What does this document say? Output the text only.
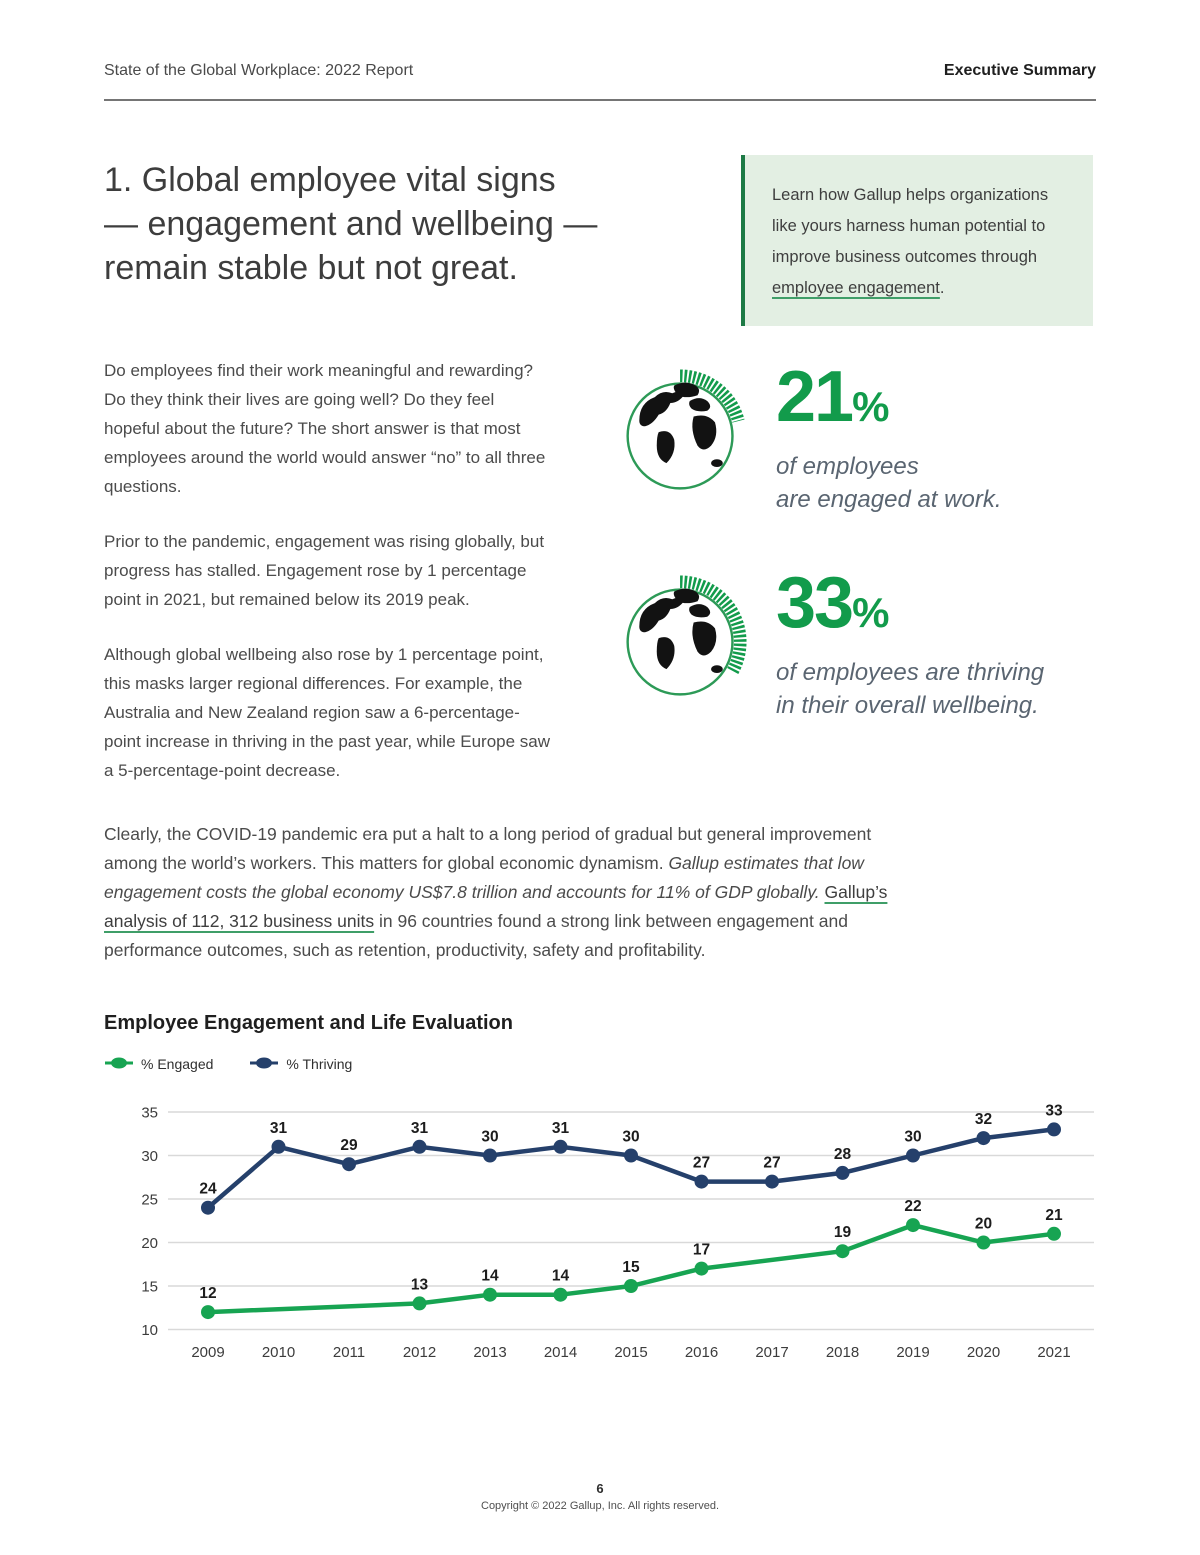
State of the Global Workplace: 2022 Report	Executive Summary
1. Global employee vital signs
— engagement and wellbeing —
remain stable but not great.
Learn how Gallup helps organizations like yours harness human potential to improve business outcomes through employee engagement.

Do employees find their work meaningful and rewarding? Do they think their lives are going well? Do they feel hopeful about the future? The short answer is that most employees around the world would answer “no” to all three questions.

Prior to the pandemic, engagement was rising globally, but progress has stalled. Engagement rose by 1 percentage point in 2021, but remained below its 2019 peak.

Although global wellbeing also rose by 1 percentage point, this masks larger regional differences. For example, the Australia and New Zealand region saw a 6-percentage-point increase in thriving in the past year, while Europe saw a 5-percentage-point decrease.

21%
of employees
are engaged at work.
33%
of employees are thriving
in their overall wellbeing.

Clearly, the COVID-19 pandemic era put a halt to a long period of gradual but general improvement among the world’s workers. This matters for global economic dynamism. Gallup estimates that low engagement costs the global economy US$7.8 trillion and accounts for 11% of GDP globally. Gallup’s analysis of 112, 312 business units in 96 countries found a strong link between engagement and performance outcomes, such as retention, productivity, safety and profitability.

Employee Engagement and Life Evaluation
% Engaged	% Thriving
35
30
25
20
15
10
2009 2010	2011	2012 2013 2014 2015 2016 2017 2018 2019 2020 2021
12
13
14	14
15
17
19
22
20
21
24
31
29
31
30
31
30
27	27
28
30
32
33
6
Copyright © 2022 Gallup, Inc. All rights reserved.
